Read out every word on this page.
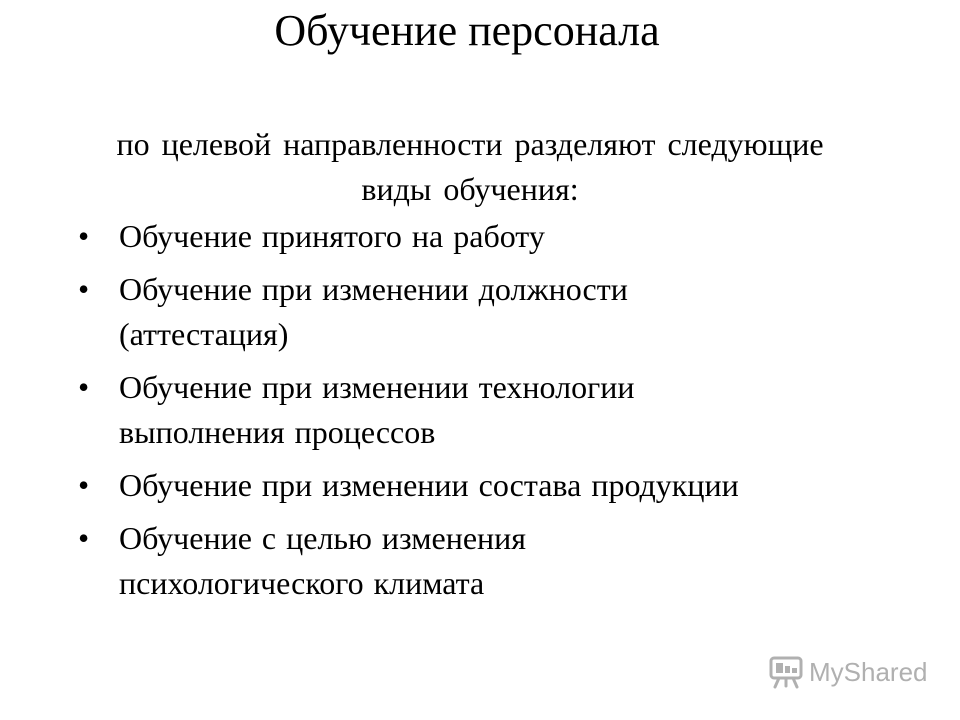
Обучение персонала
по целевой направленности разделяют следующие виды обучения:
• Обучение принятого на работу
• Обучение при изменении должности
(аттестация)
• Обучение при изменении технологии
выполнения процессов
• Обучение при изменении состава продукции
• Обучение с целью изменения
психологического климата
MyShared
